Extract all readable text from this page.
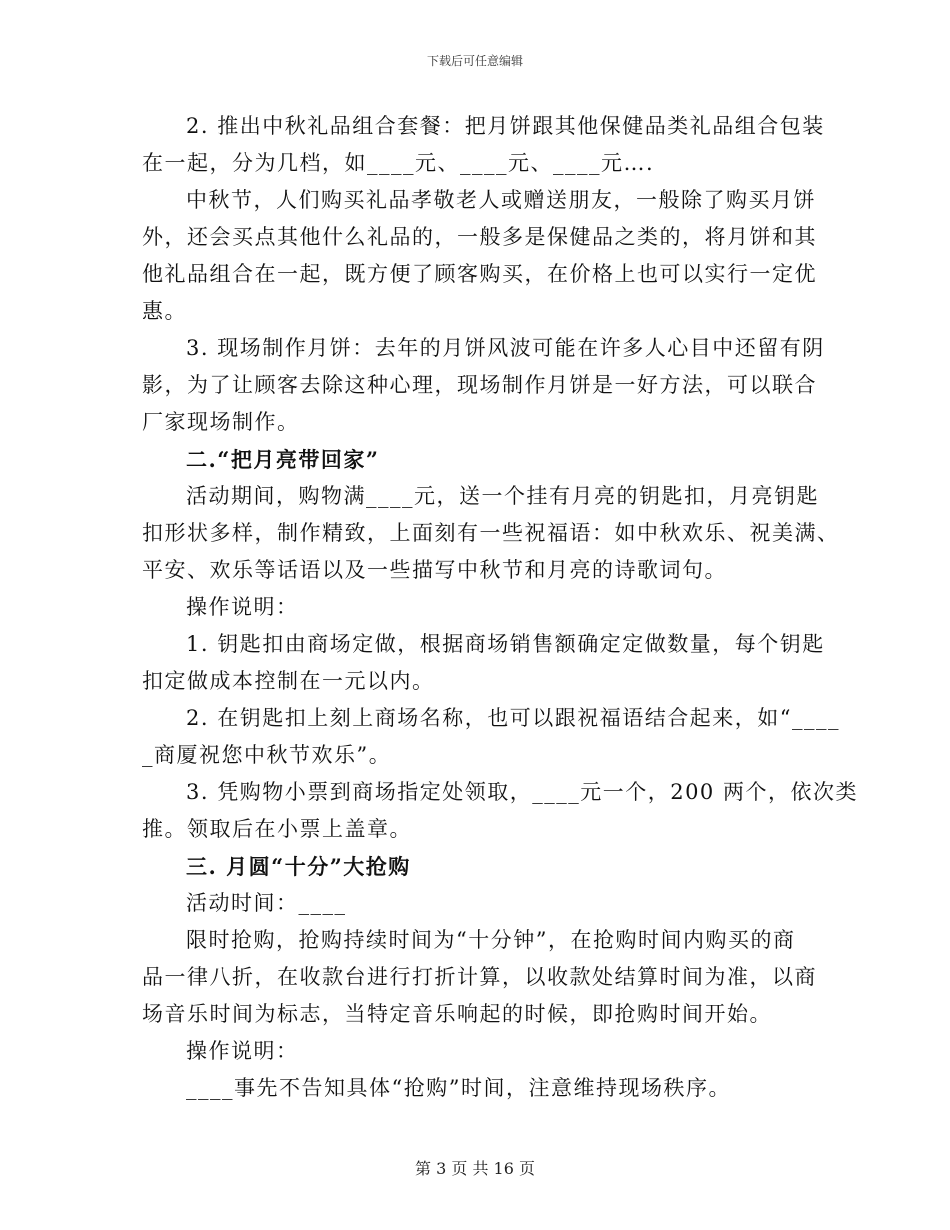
下载后可任意编辑
2. 推出中秋礼品组合套餐：把月饼跟其他保健品类礼品组合包装
在一起，分为几档，如____元、____元、____元….
中秋节，人们购买礼品孝敬老人或赠送朋友，一般除了购买月饼
外，还会买点其他什么礼品的，一般多是保健品之类的，将月饼和其
他礼品组合在一起，既方便了顾客购买，在价格上也可以实行一定优
惠。
3. 现场制作月饼：去年的月饼风波可能在许多人心目中还留有阴
影，为了让顾客去除这种心理，现场制作月饼是一好方法，可以联合
厂家现场制作。
二.“把月亮带回家”
活动期间，购物满____元，送一个挂有月亮的钥匙扣，月亮钥匙
扣形状多样，制作精致，上面刻有一些祝福语：如中秋欢乐、祝美满、
平安、欢乐等话语以及一些描写中秋节和月亮的诗歌词句。
操作说明：
1. 钥匙扣由商场定做，根据商场销售额确定定做数量，每个钥匙
扣定做成本控制在一元以内。
2. 在钥匙扣上刻上商场名称，也可以跟祝福语结合起来，如“____
_商厦祝您中秋节欢乐”。
3. 凭购物小票到商场指定处领取，____元一个，200 两个，依次类
推。领取后在小票上盖章。
三. 月圆“十分”大抢购
活动时间：____
限时抢购，抢购持续时间为“十分钟”，在抢购时间内购买的商
品一律八折，在收款台进行打折计算，以收款处结算时间为准，以商
场音乐时间为标志，当特定音乐响起的时候，即抢购时间开始。
操作说明：
____事先不告知具体“抢购”时间，注意维持现场秩序。
第 3 页 共 16 页
